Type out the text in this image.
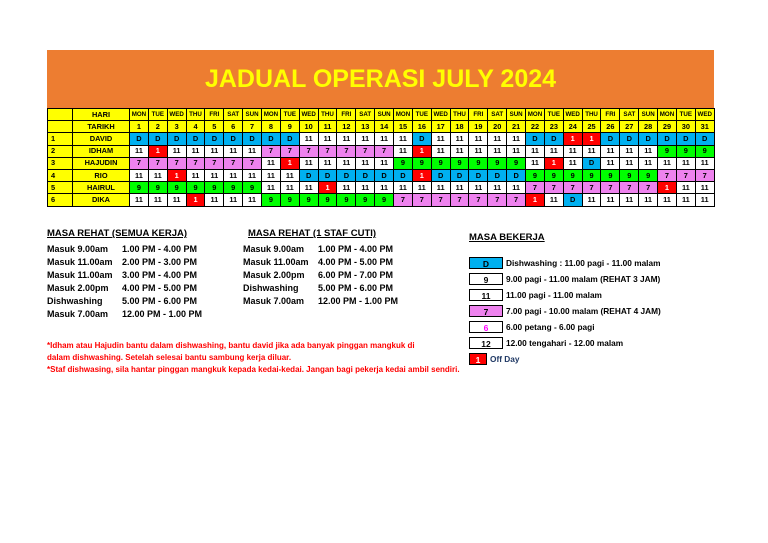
JADUAL OPERASI JULY 2024
	HARI	MON	TUE	WED	THU	FRI	SAT	SUN	MON	TUE	WED	THU	FRI	SAT	SUN	MON	TUE	WED	THU	FRI	SAT	SUN	MON	TUE	WED	THU	FRI	SAT	SUN	MON	TUE	WED
	TARIKH	1	2	3	4	5	6	7	8	9	10	11	12	13	14	15	16	17	18	19	20	21	22	23	24	25	26	27	28	29	30	31
1	DAVID	D	D	D	D	D	D	D	D	D	11	11	11	11	11	11	D	11	11	11	11	11	D	D	1	1	D	D	D	D	D	D
2	IDHAM	11	1	11	11	11	11	11	7	7	7	7	7	7	7	11	1	11	11	11	11	11	11	11	11	11	11	11	11	9	9	9
3	HAJUDIN	7	7	7	7	7	7	7	11	1	11	11	11	11	11	9	9	9	9	9	9	9	11	1	11	D	11	11	11	11	11	11
4	RIO	11	11	1	11	11	11	11	11	11	D	D	D	D	D	D	1	D	D	D	D	D	9	9	9	9	9	9	9	7	7	7
5	HAIRUL	9	9	9	9	9	9	9	11	11	11	1	11	11	11	11	11	11	11	11	11	11	7	7	7	7	7	7	7	1	11	11
6	DIKA	11	11	11	1	11	11	11	9	9	9	9	9	9	9	7	7	7	7	7	7	7	1	11	D	11	11	11	11	11	11	11
MASA REHAT (SEMUA KERJA)
Masuk 9.00am	1.00 PM - 4.00 PM
Masuk 11.00am	2.00 PM - 3.00 PM
Masuk 11.00am	3.00 PM - 4.00 PM
Masuk 2.00pm	4.00 PM - 5.00 PM
Dishwashing	5.00 PM - 6.00 PM
Masuk 7.00am	12.00 PM - 1.00 PM
MASA REHAT (1 STAF CUTI)
Masuk 9.00am	1.00 PM - 4.00 PM
Masuk 11.00am	4.00 PM - 5.00 PM
Masuk 2.00pm	6.00 PM - 7.00 PM
Dishwashing	5.00 PM - 6.00 PM
Masuk 7.00am	12.00 PM - 1.00 PM
MASA BEKERJA
D	Dishwashing : 11.00 pagi - 11.00 malam
9	9.00 pagi - 11.00 malam (REHAT 3 JAM)
11	11.00 pagi - 11.00 malam
7	7.00 pagi - 10.00 malam (REHAT 4 JAM)
6	6.00 petang - 6.00 pagi
12	12.00 tengahari - 12.00 malam
1	Off Day
*Idham atau Hajudin bantu dalam dishwashing, bantu david jika ada banyak pinggan mangkuk di
dalam dishwashing. Setelah selesai bantu sambung kerja diluar.
*Staf dishwasing, sila hantar pinggan mangkuk kepada kedai-kedai. Jangan bagi pekerja kedai ambil sendiri.
